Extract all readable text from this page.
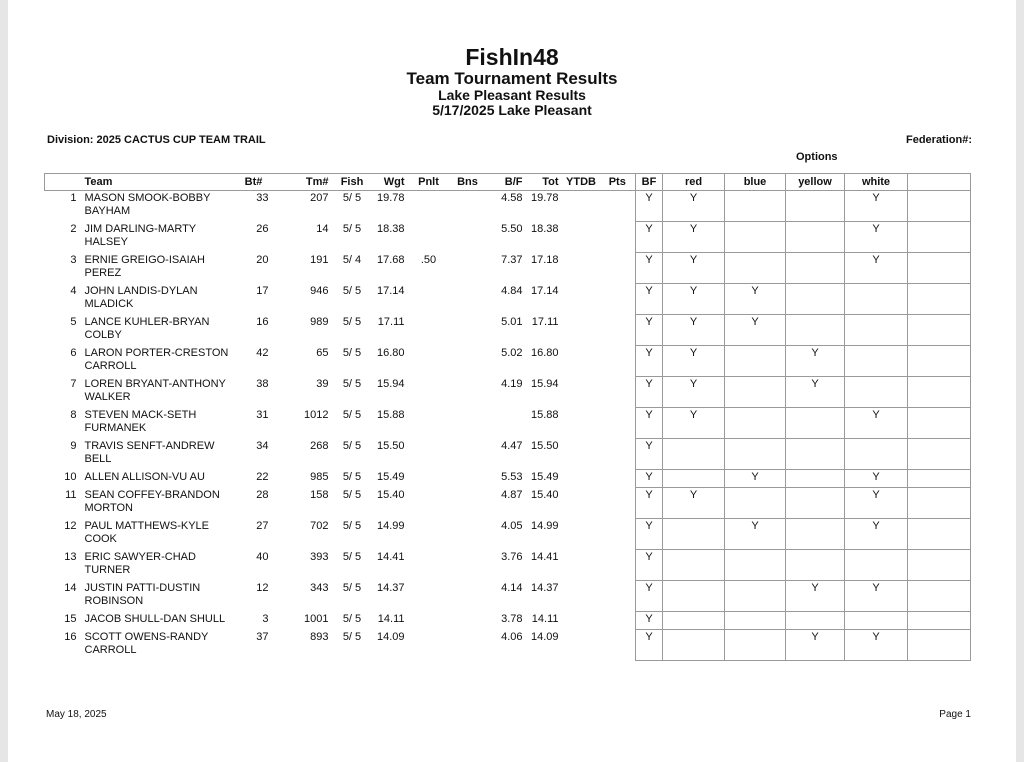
FishIn48
Team Tournament Results
Lake Pleasant Results
5/17/2025 Lake Pleasant
Division: 2025 CACTUS CUP TEAM TRAIL	Federation#:
Options
	Team	Bt#	Tm#	Fish	Wgt	Pnlt	Bns	B/F	Tot	YTDB	Pts	BF	red	blue	yellow	white	
1	MASON SMOOK-BOBBY
BAYHAM	33	207	5/ 5	19.78			4.58	19.78			Y	Y			Y	
2	JIM DARLING-MARTY
HALSEY	26	14	5/ 5	18.38			5.50	18.38			Y	Y			Y	
3	ERNIE GREIGO-ISAIAH
PEREZ	20	191	5/ 4	17.68	.50		7.37	17.18			Y	Y			Y	
4	JOHN LANDIS-DYLAN
MLADICK	17	946	5/ 5	17.14			4.84	17.14			Y	Y	Y			
5	LANCE KUHLER-BRYAN
COLBY	16	989	5/ 5	17.11			5.01	17.11			Y	Y	Y			
6	LARON PORTER-CRESTON
CARROLL	42	65	5/ 5	16.80			5.02	16.80			Y	Y		Y		
7	LOREN BRYANT-ANTHONY
WALKER	38	39	5/ 5	15.94			4.19	15.94			Y	Y		Y		
8	STEVEN MACK-SETH
FURMANEK	31	1012	5/ 5	15.88				15.88			Y	Y			Y	
9	TRAVIS SENFT-ANDREW
BELL	34	268	5/ 5	15.50			4.47	15.50			Y					
10	ALLEN ALLISON-VU AU	22	985	5/ 5	15.49			5.53	15.49			Y		Y		Y	
11	SEAN COFFEY-BRANDON
MORTON	28	158	5/ 5	15.40			4.87	15.40			Y	Y			Y	
12	PAUL MATTHEWS-KYLE
COOK	27	702	5/ 5	14.99			4.05	14.99			Y		Y		Y	
13	ERIC SAWYER-CHAD
TURNER	40	393	5/ 5	14.41			3.76	14.41			Y					
14	JUSTIN PATTI-DUSTIN
ROBINSON	12	343	5/ 5	14.37			4.14	14.37			Y			Y	Y	
15	JACOB SHULL-DAN SHULL	3	1001	5/ 5	14.11			3.78	14.11			Y					
16	SCOTT OWENS-RANDY
CARROLL	37	893	5/ 5	14.09			4.06	14.09			Y			Y	Y	
May 18, 2025	Page 1
